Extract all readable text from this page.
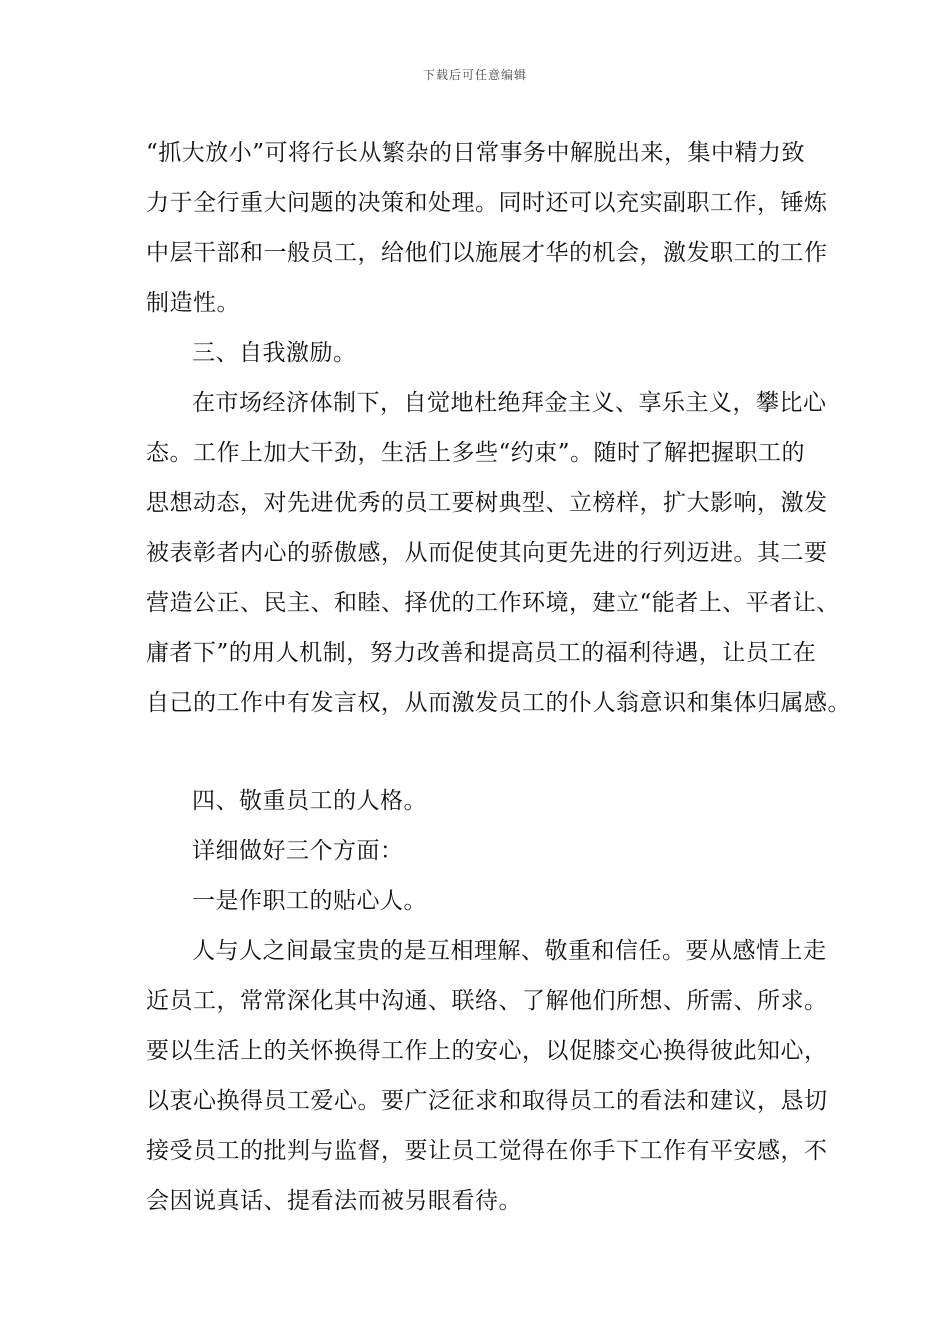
下载后可任意编辑
“抓大放小”可将行长从繁杂的日常事务中解脱出来，集中精力致
力于全行重大问题的决策和处理。同时还可以充实副职工作，锤炼
中层干部和一般员工，给他们以施展才华的机会，激发职工的工作
制造性。
三、自我激励。
在市场经济体制下，自觉地杜绝拜金主义、享乐主义，攀比心
态。工作上加大干劲，生活上多些“约束”。随时了解把握职工的
思想动态，对先进优秀的员工要树典型、立榜样，扩大影响，激发
被表彰者内心的骄傲感，从而促使其向更先进的行列迈进。其二要
营造公正、民主、和睦、择优的工作环境，建立“能者上、平者让、
庸者下”的用人机制，努力改善和提高员工的福利待遇，让员工在
自己的工作中有发言权，从而激发员工的仆人翁意识和集体归属感。
四、敬重员工的人格。
详细做好三个方面：
一是作职工的贴心人。
人与人之间最宝贵的是互相理解、敬重和信任。要从感情上走
近员工，常常深化其中沟通、联络、了解他们所想、所需、所求。
要以生活上的关怀换得工作上的安心，以促膝交心换得彼此知心，
以衷心换得员工爱心。要广泛征求和取得员工的看法和建议，恳切
接受员工的批判与监督，要让员工觉得在你手下工作有平安感，不
会因说真话、提看法而被另眼看待。
